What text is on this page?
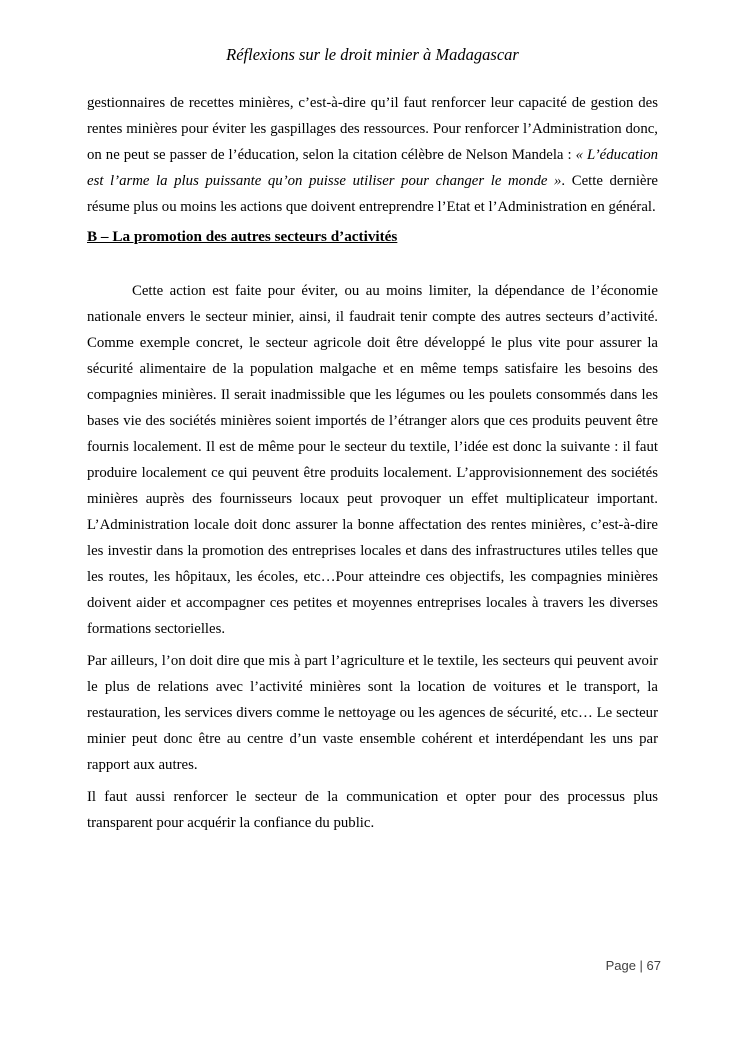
Réflexions sur le droit minier à Madagascar

gestionnaires de recettes minières, c’est-à-dire qu’il faut renforcer leur capacité de gestion des rentes minières pour éviter les gaspillages des ressources. Pour renforcer l’Administration donc, on ne peut se passer de l’éducation, selon la citation célèbre de Nelson Mandela : « L’éducation est l’arme la plus puissante qu’on puisse utiliser pour changer le monde ». Cette dernière résume plus ou moins les actions que doivent entreprendre l’Etat et l’Administration en général.

B – La promotion des autres secteurs d’activités

Cette action est faite pour éviter, ou au moins limiter, la dépendance de l’économie nationale envers le secteur minier, ainsi, il faudrait tenir compte des autres secteurs d’activité. Comme exemple concret, le secteur agricole doit être développé le plus vite pour assurer la sécurité alimentaire de la population malgache et en même temps satisfaire les besoins des compagnies minières. Il serait inadmissible que les légumes ou les poulets consommés dans les bases vie des sociétés minières soient importés de l’étranger alors que ces produits peuvent être fournis localement. Il est de même pour le secteur du textile, l’idée est donc la suivante : il faut produire localement ce qui peuvent être produits localement. L’approvisionnement des sociétés minières auprès des fournisseurs locaux peut provoquer un effet multiplicateur important. L’Administration locale doit donc assurer la bonne affectation des rentes minières, c’est-à-dire les investir dans la promotion des entreprises locales et dans des infrastructures utiles telles que les routes, les hôpitaux, les écoles, etc…Pour atteindre ces objectifs, les compagnies minières doivent aider et accompagner ces petites et moyennes entreprises locales à travers les diverses formations sectorielles.

Par ailleurs, l’on doit dire que mis à part l’agriculture et le textile, les secteurs qui peuvent avoir le plus de relations avec l’activité minières sont la location de voitures et le transport, la restauration, les services divers comme le nettoyage ou les agences de sécurité, etc… Le secteur minier peut donc être au centre d’un vaste ensemble cohérent et interdépendant les uns par rapport aux autres.

Il faut aussi renforcer le secteur de la communication et opter pour des processus plus transparent pour acquérir la confiance du public.

Page | 67
